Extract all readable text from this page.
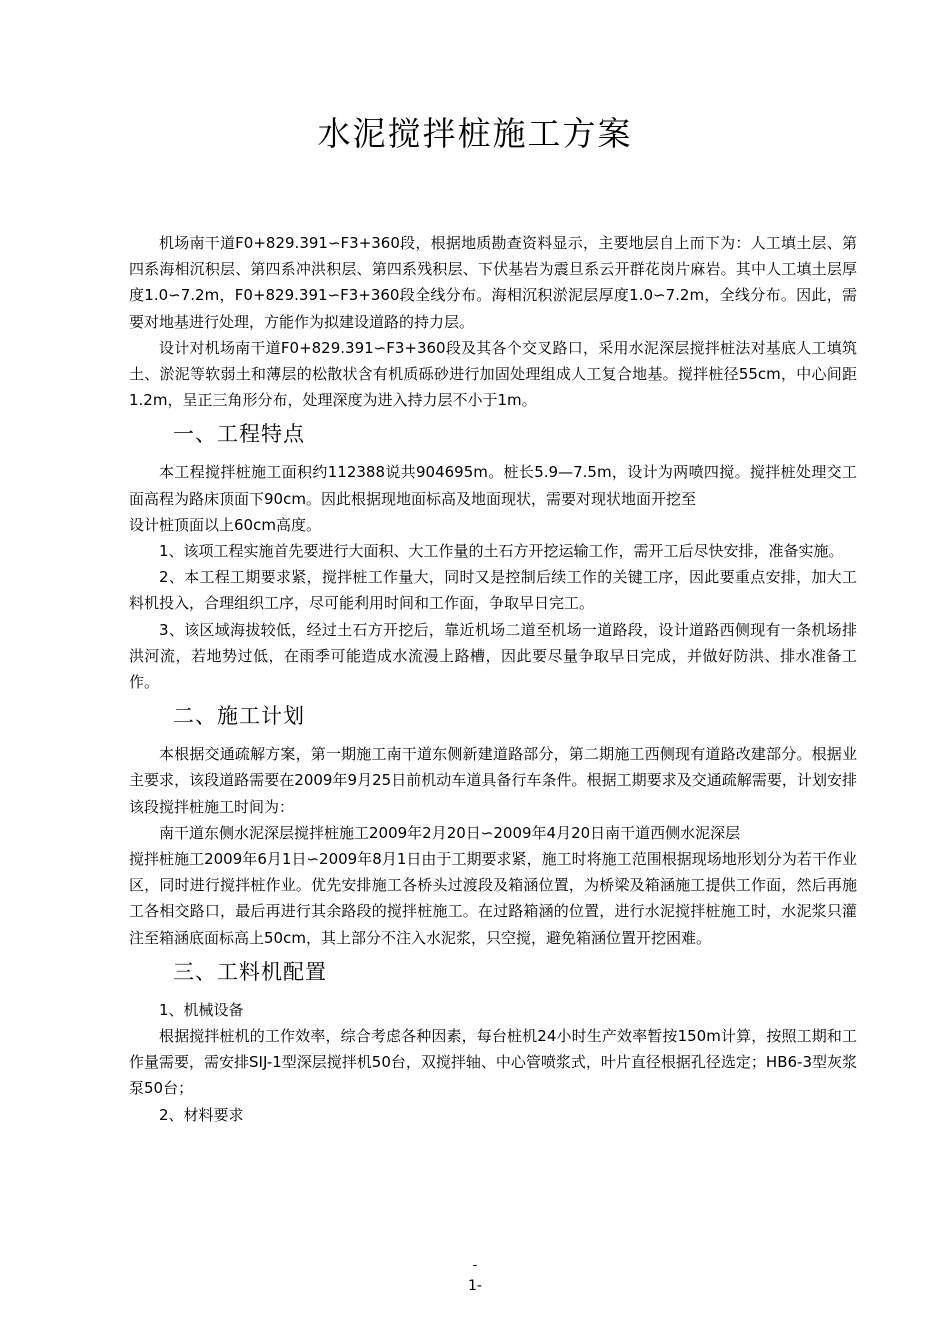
水泥搅拌桩施工方案

机场南干道F0+829.391∽F3+360段，根据地质勘查资料显示，主要地层自上而下为：人工填土层、第四系海相沉积层、第四系冲洪积层、第四系残积层、下伏基岩为震旦系云开群花岗片麻岩。其中人工填土层厚度1.0∽7.2m，F0+829.391∽F3+360段全线分布。海相沉积淤泥层厚度1.0∽7.2m，全线分布。因此，需要对地基进行处理，方能作为拟建设道路的持力层。

设计对机场南干道F0+829.391∽F3+360段及其各个交叉路口，采用水泥深层搅拌桩法对基底人工填筑土、淤泥等软弱土和薄层的松散状含有机质砾砂进行加固处理组成人工复合地基。搅拌桩径55cm，中心间距1.2m，呈正三角形分布，处理深度为进入持力层不小于1m。

一、工程特点

本工程搅拌桩施工面积约112388说共904695m。桩长5.9—7.5m，设计为两喷四搅。搅拌桩处理交工面高程为路床顶面下90cm。因此根据现地面标高及地面现状，需要对现状地面开挖至

设计桩顶面以上60cm高度。

1、该项工程实施首先要进行大面积、大工作量的土石方开挖运输工作，需开工后尽快安排，准备实施。

2、本工程工期要求紧，搅拌桩工作量大，同时又是控制后续工作的关键工序，因此要重点安排，加大工料机投入，合理组织工序，尽可能利用时间和工作面，争取早日完工。

3、该区域海拔较低，经过土石方开挖后，靠近机场二道至机场一道路段，设计道路西侧现有一条机场排洪河流，若地势过低，在雨季可能造成水流漫上路槽，因此要尽量争取早日完成，并做好防洪、排水准备工作。

二、施工计划

本根据交通疏解方案，第一期施工南干道东侧新建道路部分，第二期施工西侧现有道路改建部分。根据业主要求，该段道路需要在2009年9月25日前机动车道具备行车条件。根据工期要求及交通疏解需要，计划安排该段搅拌桩施工时间为：

南干道东侧水泥深层搅拌桩施工2009年2月20日∽2009年4月20日南干道西侧水泥深层

搅拌桩施工2009年6月1日∽2009年8月1日由于工期要求紧，施工时将施工范围根据现场地形划分为若干作业区，同时进行搅拌桩作业。优先安排施工各桥头过渡段及箱涵位置，为桥梁及箱涵施工提供工作面，然后再施工各相交路口，最后再进行其余路段的搅拌桩施工。在过路箱涵的位置，进行水泥搅拌桩施工时，水泥浆只灌注至箱涵底面标高上50cm，其上部分不注入水泥浆，只空搅，避免箱涵位置开挖困难。

三、工料机配置

1、机械设备

根据搅拌桩机的工作效率，综合考虑各种因素，每台桩机24小时生产效率暂按150m计算，按照工期和工作量需要，需安排SIJ-1型深层搅拌机50台，双搅拌轴、中心管喷浆式，叶片直径根据孔径选定；HB6-3型灰浆泵50台；

2、材料要求

-
1-
